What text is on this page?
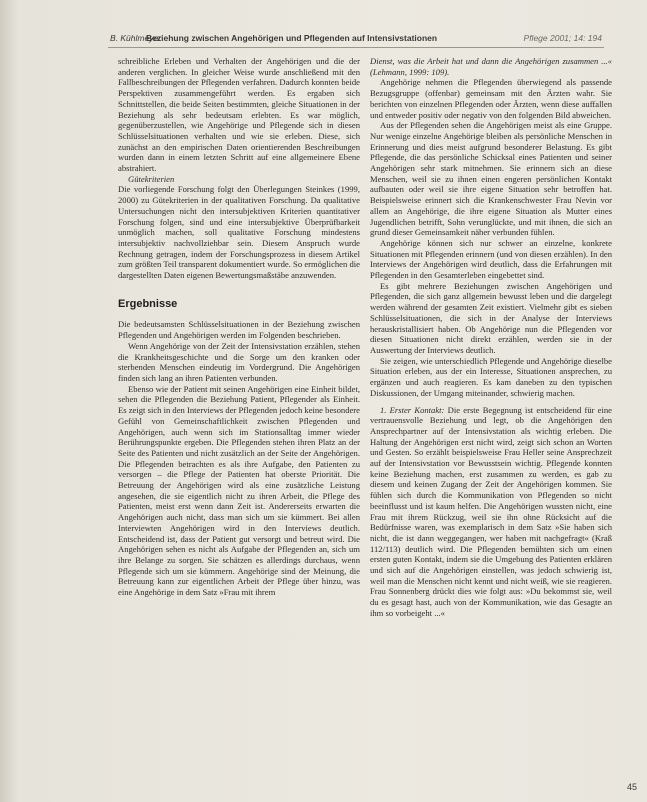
B. Kühlmeyer
Beziehung zwischen Angehörigen und Pflegenden auf Intensivstationen	Pflege 2001; 14: 194

schreibliche Erleben und Verhalten der Angehörigen und die der anderen verglichen. In gleicher Weise wurde anschließend mit den Fallbeschreibungen der Pflegenden verfahren. Dadurch konnten beide Perspektiven zusammengeführt werden. Es ergaben sich Schnittstellen, die beide Seiten bestimmten, gleiche Situationen in der Beziehung als sehr bedeutsam erlebten. Es war möglich, gegenüberzustellen, wie Angehörige und Pflegende sich in diesen Schlüsselsituationen verhalten und wie sie erleben. Diese, sich zunächst an den empirischen Daten orientierenden Beschreibungen wurden dann in einem letzten Schritt auf eine allgemeinere Ebene abstrahiert.

Gütekriterien

Die vorliegende Forschung folgt den Überlegungen Steinkes (1999, 2000) zu Gütekriterien in der qualitativen Forschung. Da qualitative Untersuchungen nicht den intersubjektiven Kriterien quantitativer Forschung folgen, sind und eine intersubjektive Überprüfbarkeit unmöglich machen, soll qualitative Forschung mindestens intersubjektiv nachvollziehbar sein. Diesem Anspruch wurde Rechnung getragen, indem der Forschungsprozess in diesem Artikel zum größten Teil transparent dokumentiert wurde. So ermöglichen die dargestellten Daten eigenen Bewertungsmaßstäbe anzuwenden.

Ergebnisse

Die bedeutsamsten Schlüsselsituationen in der Beziehung zwischen Pflegenden und Angehörigen werden im Folgenden beschrieben.

Wenn Angehörige von der Zeit der Intensivstation erzählen, stehen die Krankheitsgeschichte und die Sorge um den kranken oder sterbenden Menschen eindeutig im Vordergrund. Die Angehörigen finden sich lang an ihren Patienten verbunden.

Ebenso wie der Patient mit seinen Angehörigen eine Einheit bildet, sehen die Pflegenden die Beziehung Patient, Pflegender als Einheit. Es zeigt sich in den Interviews der Pflegenden jedoch keine besondere Gefühl von Gemeinschaftlichkeit zwischen Pflegenden und Angehörigen, auch wenn sich im Stationsalltag immer wieder Berührungspunkte ergeben. Die Pflegenden stehen ihren Platz an der Seite des Patienten und nicht zusätzlich an der Seite der Angehörigen. Die Pflegenden betrachten es als ihre Aufgabe, den Patienten zu versorgen – die Pflege der Patienten hat oberste Priorität. Die Betreuung der Angehörigen wird als eine zusätzliche Leistung angesehen, die sie eigentlich nicht zu ihren Arbeit, die Pflege des Patienten, meist erst wenn dann Zeit ist. Andererseits erwarten die Angehörigen auch nicht, dass man sich um sie kümmert. Bei allen Interviewten Angehörigen wird in den Interviews deutlich. Entscheidend ist, dass der Patient gut versorgt und betreut wird. Die Angehörigen sehen es nicht als Aufgabe der Pflegenden an, sich um ihre Belange zu sorgen. Sie schätzen es allerdings durchaus, wenn Pflegende sich um sie kümmern. Angehörige sind der Meinung, die Betreuung kann zur eigentlichen Arbeit der Pflege über hinzu, was eine Angehörige in dem Satz »Frau mit ihrem

Dienst, was die Arbeit hat und dann die Angehörigen zusammen ...« (Lehmann, 1999: 109).

Angehörige nehmen die Pflegenden überwiegend als passende Bezugsgruppe (offenbar) gemeinsam mit den Ärzten wahr. Sie berichten von einzelnen Pflegenden oder Ärzten, wenn diese auffallen und entweder positiv oder negativ von den folgenden Bild abweichen.

Aus der Pflegenden sehen die Angehörigen meist als eine Gruppe. Nur wenige einzelne Angehörige bleiben als persönliche Menschen in Erinnerung und dies meist aufgrund besonderer Belastung. Es gibt Pflegende, die das persönliche Schicksal eines Patienten und seiner Angehörigen sehr stark mitnehmen. Sie erinnern sich an diese Menschen, weil sie zu ihnen einen engeren persönlichen Kontakt aufbauten oder weil sie ihre eigene Situation sehr betroffen hat. Beispielsweise erinnert sich die Krankenschwester Frau Nevin vor allem an Angehörige, die ihre eigene Situation als Mutter eines Jugendlichen betrifft, Sohn verunglückte, und mit ihnen, die sich an grund dieser Gemeinsamkeit näher verbunden fühlen.

Angehörige können sich nur schwer an einzelne, konkrete Situationen mit Pflegenden erinnern (und von diesen erzählen). In den Interviews der Angehörigen wird deutlich, dass die Erfahrungen mit Pflegenden in den Gesamterleben eingebettet sind.

Es gibt mehrere Beziehungen zwischen Angehörigen und Pflegenden, die sich ganz allgemein bewusst leben und die dargelegt werden während der gesamten Zeit existiert. Vielmehr gibt es sieben Schlüsselsituationen, die sich in der Analyse der Interviews herauskristallisiert haben. Ob Angehörige nun die Pflegenden vor diesen Situationen nicht direkt erzählen, werden sie in der Auswertung der Interviews deutlich.

Sie zeigen, wie unterschiedlich Pflegende und Angehörige dieselbe Situation erleben, aus der ein Interesse, Situationen ansprechen, zu ergänzen und auch reagieren. Es kam daneben zu den typischen Diskussionen, der Umgang miteinander, schwierig machen.

1. Erster Kontakt: Die erste Begegnung ist entscheidend für eine vertrauensvolle Beziehung und legt, ob die Angehörigen den Ansprechpartner auf der Intensivstation als wichtig erleben. Die Haltung der Angehörigen erst nicht wird, zeigt sich schon an Worten und Gesten. So erzählt beispielsweise Frau Heller seine Ansprechzeit auf der Intensivstation vor Bewusstsein wichtig. Pflegende konnten keine Beziehung machen, erst zusammen zu werden, es gab zu diesem und keinen Zugang der Zeit der Angehörigen kommen. Sie fühlen sich durch die Kommunikation von Pflegenden so nicht beeinflusst und ist kaum helfen. Die Angehörigen wussten nicht, eine Frau mit ihrem Rückzug, weil sie ihn ohne Rücksicht auf die Bedürfnisse waren, was exemplarisch in dem Satz »Sie haben sich nicht, die ist dann weggegangen, wer haben mit nachgefragt« (Kraß 112/113) deutlich wird. Die Pflegenden bemühten sich um einen ersten guten Kontakt, indem sie die Umgebung des Patienten erklären und sich auf die Angehörigen einstellen, was jedoch schwierig ist, weil man die Menschen nicht kennt und nicht weiß, wie sie reagieren. Frau Sonnenberg drückt dies wie folgt aus: »Du bekommst sie, weil du es gesagt hast, auch von der Kommunikation, wie das Gesagte an ihm so vorbeigeht ...«

45
